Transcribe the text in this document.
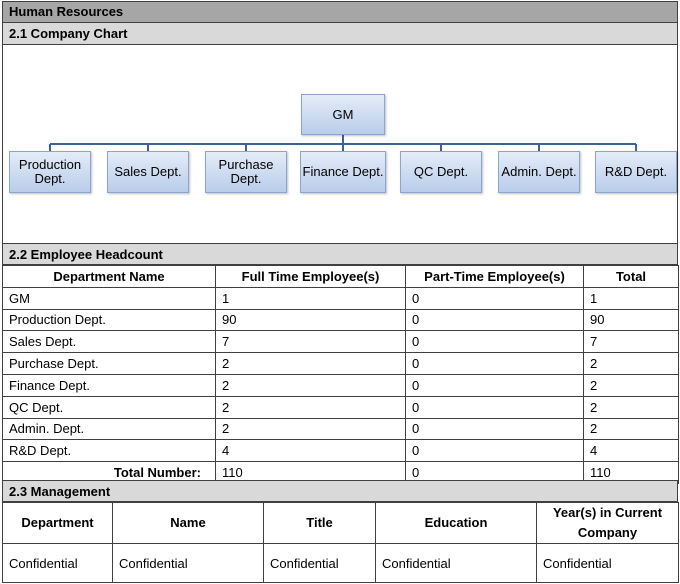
Human Resources
2.1 Company Chart
GM
Production Dept.	Sales Dept.	Purchase Dept.	Finance Dept.	QC Dept.	Admin. Dept.	R&D Dept.
2.2 Employee Headcount
Department Name	Full Time Employee(s)	Part-Time Employee(s)	Total
GM	1	0	1
Production Dept.	90	0	90
Sales Dept.	7	0	7
Purchase Dept.	2	0	2
Finance Dept.	2	0	2
QC Dept.	2	0	2
Admin. Dept.	2	0	2
R&D Dept.	4	0	4
Total Number:	110	0	110
2.3 Management
Department	Name	Title	Education	Year(s) in Current Company
Confidential	Confidential	Confidential	Confidential	Confidential
